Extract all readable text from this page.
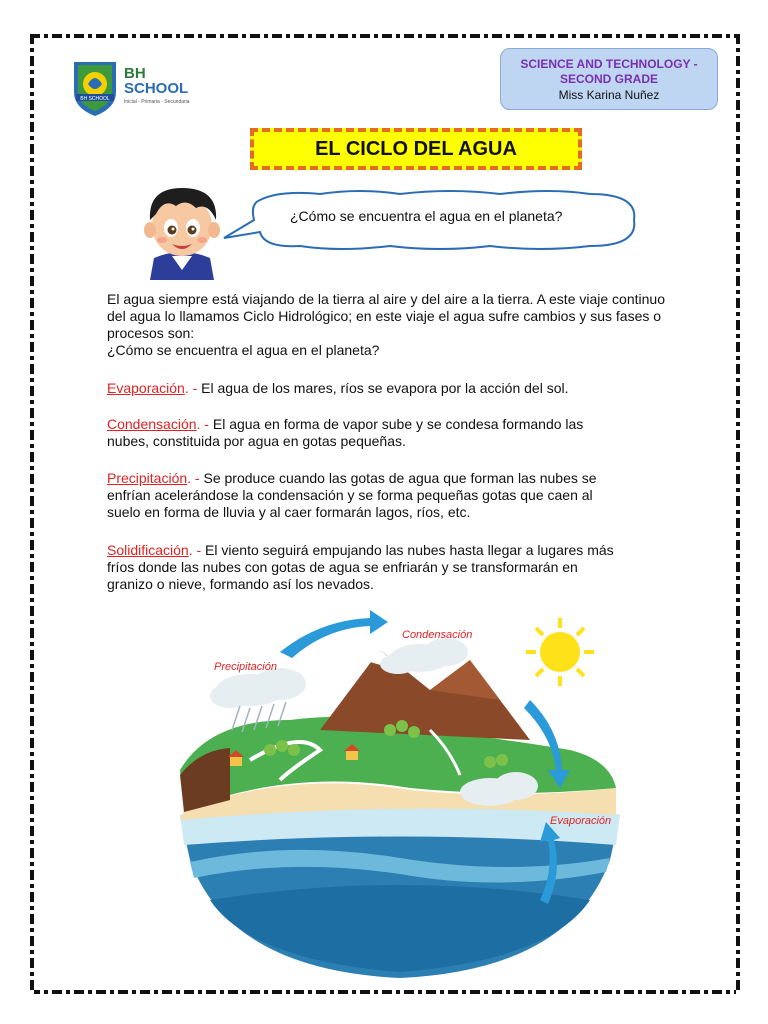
BH SCHOOL
BH
SCHOOL
Inicial · Primaria · Secundaria
SCIENCE AND TECHNOLOGY -
SECOND GRADE
Miss Karina Nuñez
EL CICLO DEL AGUA
¿Cómo se encuentra el agua en el planeta?

El agua siempre está viajando de la tierra al aire y del aire a la tierra. A este viaje continuo

del agua lo llamamos Ciclo Hidrológico; en este viaje el agua sufre cambios y sus fases o

procesos son:

¿Cómo se encuentra el agua en el planeta?

Evaporación. - El agua de los mares, ríos se evapora por la acción del sol.
Condensación. - El agua en forma de vapor sube y se condesa formando las
nubes, constituida por agua en gotas pequeñas.
Precipitación. - Se produce cuando las gotas de agua que forman las nubes se
enfrían acelerándose la condensación y se forma pequeñas gotas que caen al
suelo en forma de lluvia y al caer formarán lagos, ríos, etc.
Solidificación. - El viento seguirá empujando las nubes hasta llegar a lugares más
fríos donde las nubes con gotas de agua se enfriarán y se transformarán en
granizo o nieve, formando así los nevados.
Condensación
Precipitación
Evaporación
